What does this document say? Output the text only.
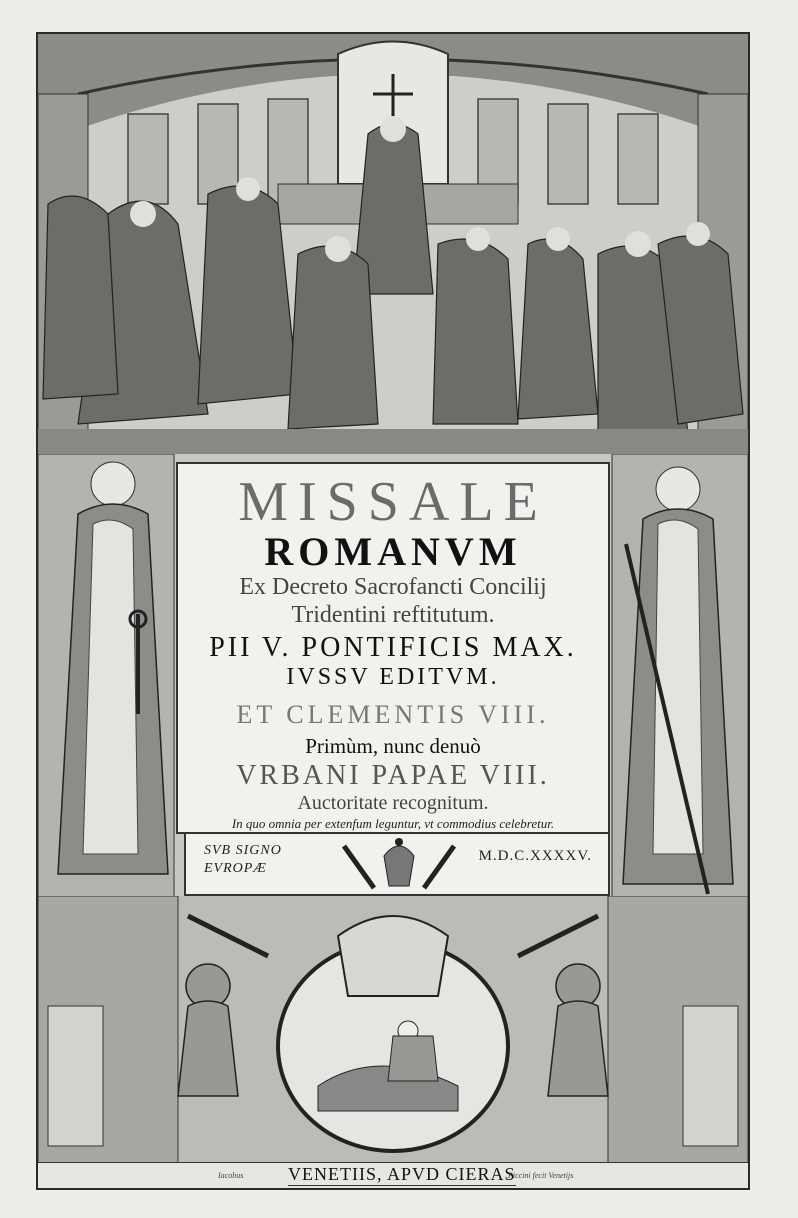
MISSALE
ROMANVM
Ex Decreto Sacrofancti Concilij
Tridentini reftitutum.
PII V. PONTIFICIS MAX.
IVSSV EDITVM.
ET CLEMENTIS VIII.
Primùm, nunc denuò
VRBANI PAPAE VIII.
Auctoritate recognitum.
In quo omnia per extenfum leguntur, vt commodius celebretur.
SVB SIGNO EVROPÆ
M.D.C.XXXXV.
Iacobus VENETIIS, APVD CIERAS
Piccini fecit Venetijs
